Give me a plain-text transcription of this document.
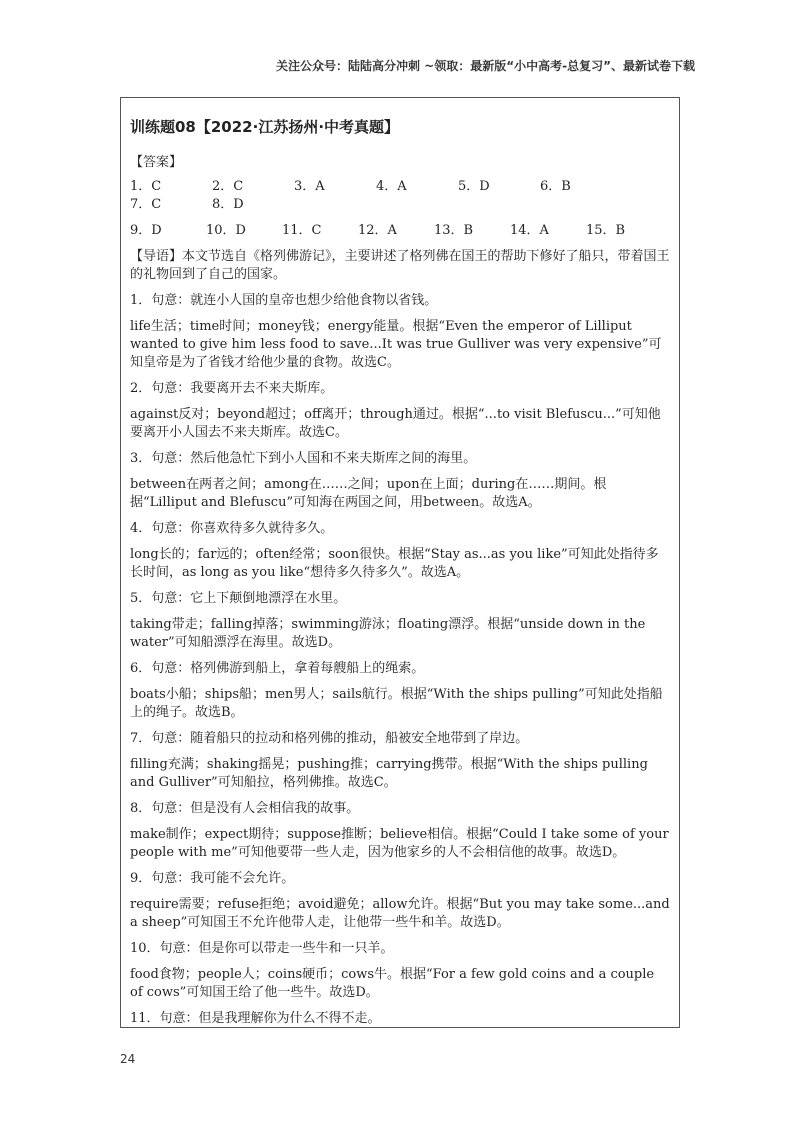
关注公众号：陆陆高分冲刺 ~领取：最新版“小中高考-总复习”、最新试卷下载
训练题08【2022·江苏扬州·中考真题】
【答案】
1．C	2．C	3．A	4．A	5．D	6．B
7．C	8．D
9．D	10．D	11．C	12．A	13．B	14．A	15．B

【导语】本文节选自《格列佛游记》，主要讲述了格列佛在国王的帮助下修好了船只，带着国王的礼物回到了自己的国家。

1．句意：就连小人国的皇帝也想少给他食物以省钱。

life生活；time时间；money钱；energy能量。根据“Even the emperor of Lilliput wanted to give him less food to save...It was true Gulliver was very expensive”可知皇帝是为了省钱才给他少量的食物。故选C。

2．句意：我要离开去不来夫斯库。

against反对；beyond超过；off离开；through通过。根据“...to visit Blefuscu...”可知他要离开小人国去不来夫斯库。故选C。

3．句意：然后他急忙下到小人国和不来夫斯库之间的海里。

between在两者之间；among在……之间；upon在上面；during在……期间。根据“Lilliput and Blefuscu”可知海在两国之间，用between。故选A。

4．句意：你喜欢待多久就待多久。

long长的；far远的；often经常；soon很快。根据“Stay as...as you like”可知此处指待多长时间，as long as you like“想待多久待多久”。故选A。

5．句意：它上下颠倒地漂浮在水里。

taking带走；falling掉落；swimming游泳；floating漂浮。根据“unside down in the water”可知船漂浮在海里。故选D。

6．句意：格列佛游到船上，拿着每艘船上的绳索。

boats小船；ships船；men男人；sails航行。根据“With the ships pulling”可知此处指船上的绳子。故选B。

7．句意：随着船只的拉动和格列佛的推动，船被安全地带到了岸边。

filling充满；shaking摇晃；pushing推；carrying携带。根据“With the ships pulling and Gulliver”可知船拉，格列佛推。故选C。

8．句意：但是没有人会相信我的故事。

make制作；expect期待；suppose推断；believe相信。根据“Could I take some of your people with me”可知他要带一些人走，因为他家乡的人不会相信他的故事。故选D。

9．句意：我可能不会允许。

require需要；refuse拒绝；avoid避免；allow允许。根据“But you may take some...and a sheep”可知国王不允许他带人走，让他带一些牛和羊。故选D。

10．句意：但是你可以带走一些牛和一只羊。

food食物；people人；coins硬币；cows牛。根据“For a few gold coins and a couple of cows”可知国王给了他一些牛。故选D。

11．句意：但是我理解你为什么不得不走。

24
